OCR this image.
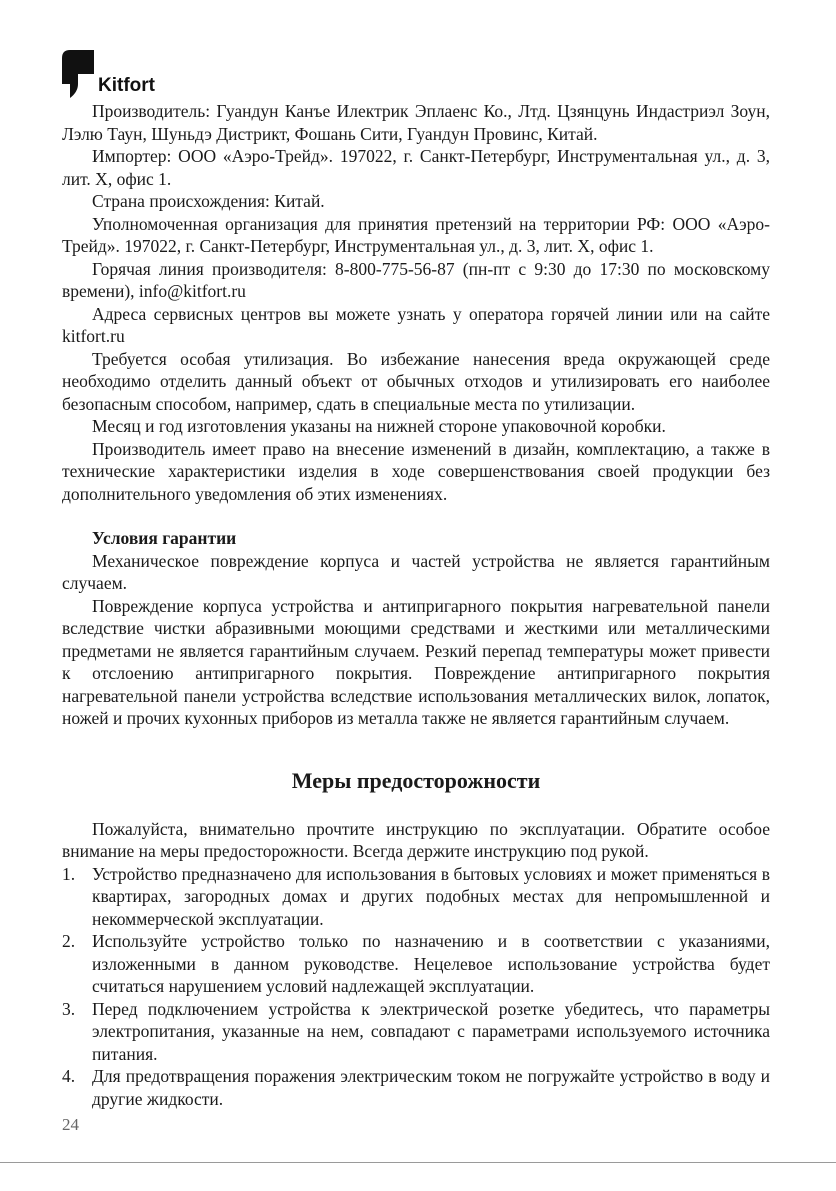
Kitfort

Производитель: Гуандун Канъе Илектрик Эплаенс Ко., Лтд. Цзянцунь Индастриэл Зоун, Лэлю Таун, Шуньдэ Дистрикт, Фошань Сити, Гуандун Провинс, Китай.

Импортер: ООО «Аэро-Трейд». 197022, г. Санкт-Петербург, Инструментальная ул., д. 3, лит. Х, офис 1.

Страна происхождения: Китай.

Уполномоченная организация для принятия претензий на территории РФ: ООО «Аэро-Трейд». 197022, г. Санкт-Петербург, Инструментальная ул., д. 3, лит. Х, офис 1.

Горячая линия производителя: 8-800-775-56-87 (пн-пт с 9:30 до 17:30 по московскому времени), info@kitfort.ru

Адреса сервисных центров вы можете узнать у оператора горячей линии или на сайте kitfort.ru

Требуется особая утилизация. Во избежание нанесения вреда окружающей среде необходимо отделить данный объект от обычных отходов и утилизировать его наиболее безопасным способом, например, сдать в специальные места по утилизации.

Месяц и год изготовления указаны на нижней стороне упаковочной коробки.

Производитель имеет право на внесение изменений в дизайн, комплектацию, а также в технические характеристики изделия в ходе совершенствования своей продукции без дополнительного уведомления об этих изменениях.

Условия гарантии

Механическое повреждение корпуса и частей устройства не является гарантийным случаем.

Повреждение корпуса устройства и антипригарного покрытия нагревательной панели вследствие чистки абразивными моющими средствами и жесткими или металлическими предметами не является гарантийным случаем. Резкий перепад температуры может привести к отслоению антипригарного покрытия. Повреждение антипригарного покрытия нагревательной панели устройства вследствие использования металлических вилок, лопаток, ножей и прочих кухонных приборов из металла также не является гарантийным случаем.

Меры предосторожности

Пожалуйста, внимательно прочтите инструкцию по эксплуатации. Обратите особое внимание на меры предосторожности. Всегда держите инструкцию под рукой.

1. Устройство предназначено для использования в бытовых условиях и может применяться в квартирах, загородных домах и других подобных местах для непромышленной и некоммерческой эксплуатации.
2. Используйте устройство только по назначению и в соответствии с указаниями, изложенными в данном руководстве. Нецелевое использование устройства будет считаться нарушением условий надлежащей эксплуатации.
3. Перед подключением устройства к электрической розетке убедитесь, что параметры электропитания, указанные на нем, совпадают с параметрами используемого источника питания.
4. Для предотвращения поражения электрическим током не погружайте устройство в воду и другие жидкости.
24
